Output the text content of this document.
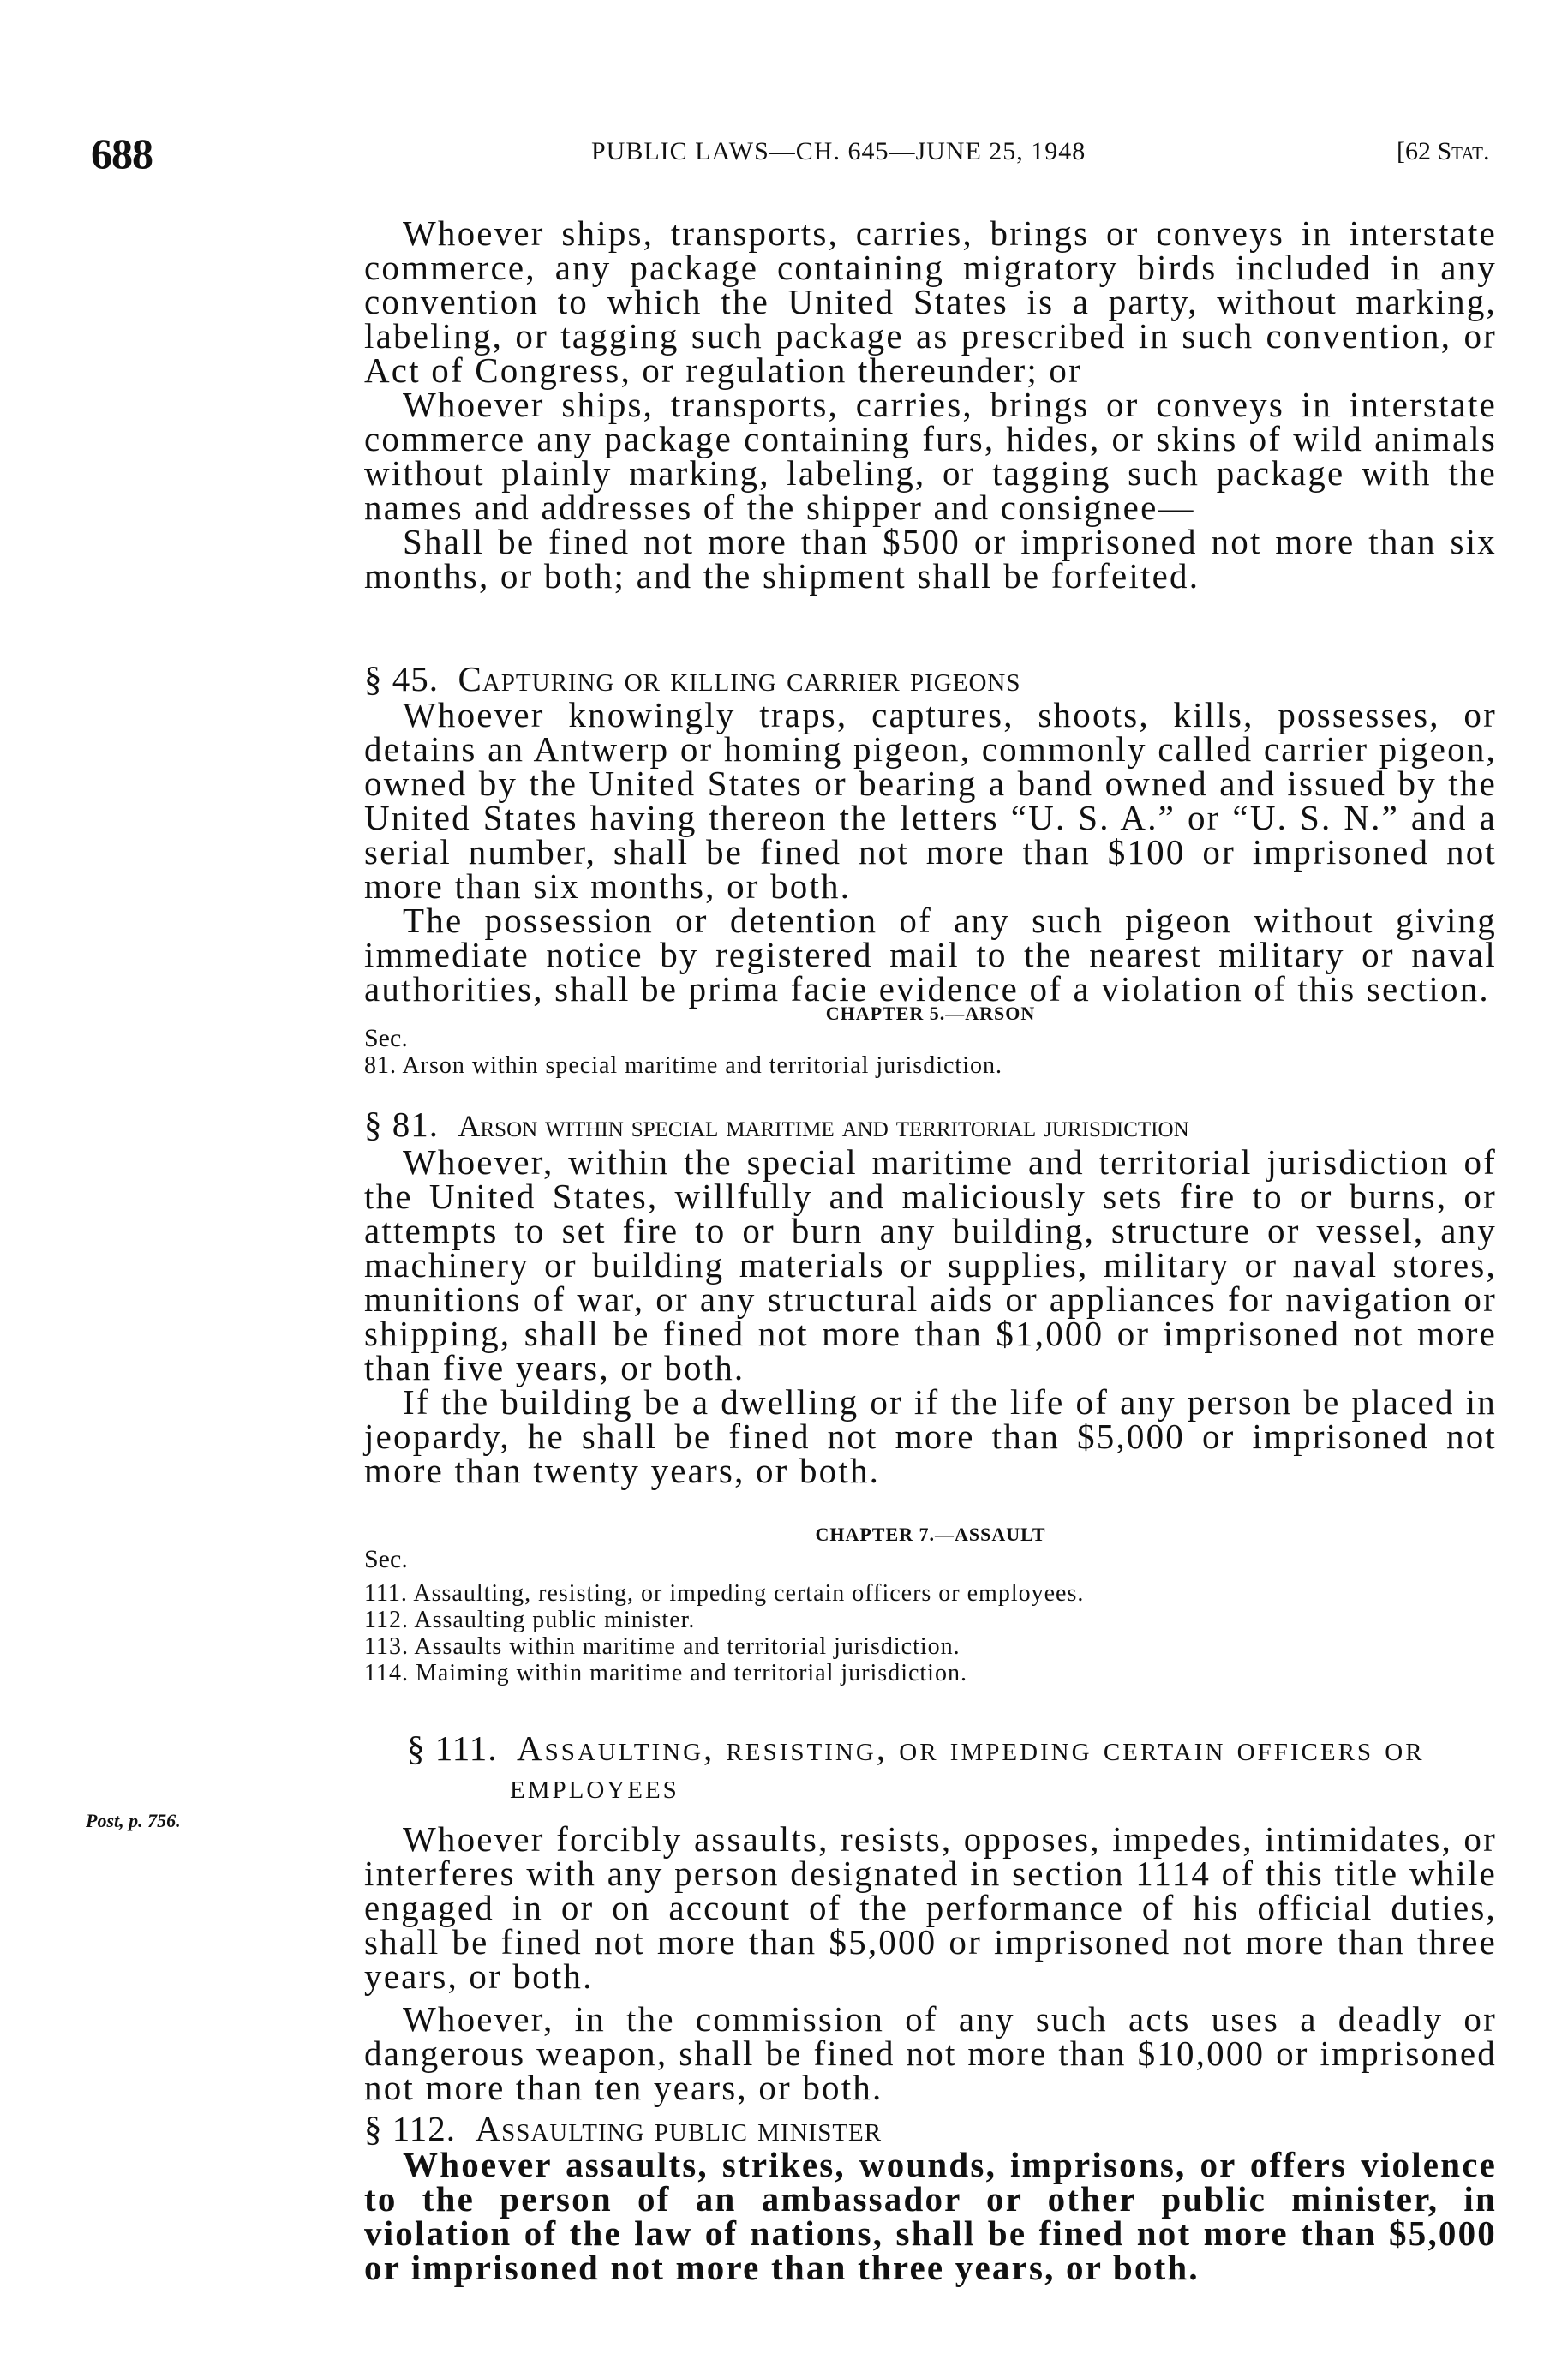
688	PUBLIC LAWS—CH. 645—JUNE 25, 1948	[62 Stat.

Whoever ships, transports, carries, brings or conveys in interstate commerce, any package containing migratory birds included in any convention to which the United States is a party, without marking, labeling, or tagging such package as prescribed in such convention, or Act of Congress, or regulation thereunder; or

Whoever ships, transports, carries, brings or conveys in interstate commerce any package containing furs, hides, or skins of wild animals without plainly marking, labeling, or tagging such package with the names and addresses of the shipper and consignee—

Shall be fined not more than $500 or imprisoned not more than six months, or both; and the shipment shall be forfeited.

§ 45. Capturing or killing carrier pigeons

Whoever knowingly traps, captures, shoots, kills, possesses, or detains an Antwerp or homing pigeon, commonly called carrier pigeon, owned by the United States or bearing a band owned and issued by the United States having thereon the letters “U. S. A.” or “U. S. N.” and a serial number, shall be fined not more than $100 or imprisoned not more than six months, or both.

The possession or detention of any such pigeon without giving immediate notice by registered mail to the nearest military or naval authorities, shall be prima facie evidence of a violation of this section.

CHAPTER 5.—ARSON
Sec.
81. Arson within special maritime and territorial jurisdiction.
§ 81. Arson within special maritime and territorial jurisdiction

Whoever, within the special maritime and territorial jurisdiction of the United States, willfully and maliciously sets fire to or burns, or attempts to set fire to or burn any building, structure or vessel, any machinery or building materials or supplies, military or naval stores, munitions of war, or any structural aids or appliances for navigation or shipping, shall be fined not more than $1,000 or imprisoned not more than five years, or both.

If the building be a dwelling or if the life of any person be placed in jeopardy, he shall be fined not more than $5,000 or imprisoned not more than twenty years, or both.

CHAPTER 7.—ASSAULT
Sec.
111. Assaulting, resisting, or impeding certain officers or employees.
112. Assaulting public minister.
113. Assaults within maritime and territorial jurisdiction.
114. Maiming within maritime and territorial jurisdiction.
Post, p. 756.
§ 111. Assaulting, resisting, or impeding certain officers or employees

Whoever forcibly assaults, resists, opposes, impedes, intimidates, or interferes with any person designated in section 1114 of this title while engaged in or on account of the performance of his official duties, shall be fined not more than $5,000 or imprisoned not more than three years, or both.

Whoever, in the commission of any such acts uses a deadly or dangerous weapon, shall be fined not more than $10,000 or imprisoned not more than ten years, or both.

§ 112. Assaulting public minister

Whoever assaults, strikes, wounds, imprisons, or offers violence to the person of an ambassador or other public minister, in violation of the law of nations, shall be fined not more than $5,000 or imprisoned not more than three years, or both.
